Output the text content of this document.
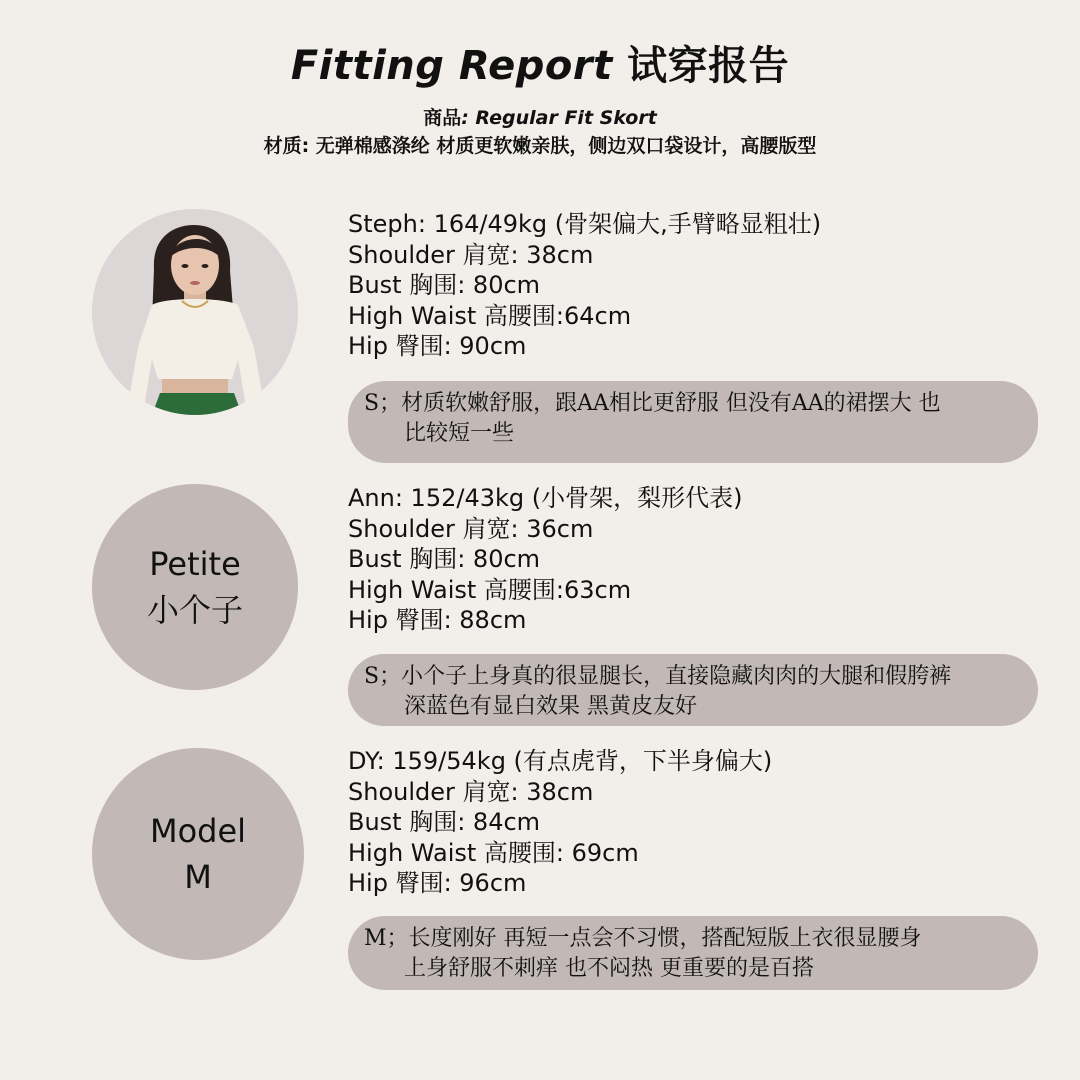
Fitting Report 试穿报告
商品: Regular Fit Skort
材质: 无弹棉感涤纶 材质更软嫩亲肤，侧边双口袋设计，高腰版型
Steph: 164/49kg (骨架偏大,手臂略显粗壮)
Shoulder 肩宽: 38cm
Bust 胸围: 80cm
High Waist 高腰围:64cm
Hip 臀围: 90cm
S；材质软嫩舒服，跟AA相比更舒服 但没有AA的裙摆大 也
比较短一些
Petite
小个子
Ann: 152/43kg (小骨架，梨形代表)
Shoulder 肩宽: 36cm
Bust 胸围: 80cm
High Waist 高腰围:63cm
Hip 臀围: 88cm
S；小个子上身真的很显腿长，直接隐藏肉肉的大腿和假胯裤
深蓝色有显白效果 黑黄皮友好
Model
M
DY: 159/54kg (有点虎背，下半身偏大)
Shoulder 肩宽: 38cm
Bust 胸围: 84cm
High Waist 高腰围: 69cm
Hip 臀围: 96cm
M；长度刚好 再短一点会不习惯，搭配短版上衣很显腰身
上身舒服不刺痒 也不闷热 更重要的是百搭
